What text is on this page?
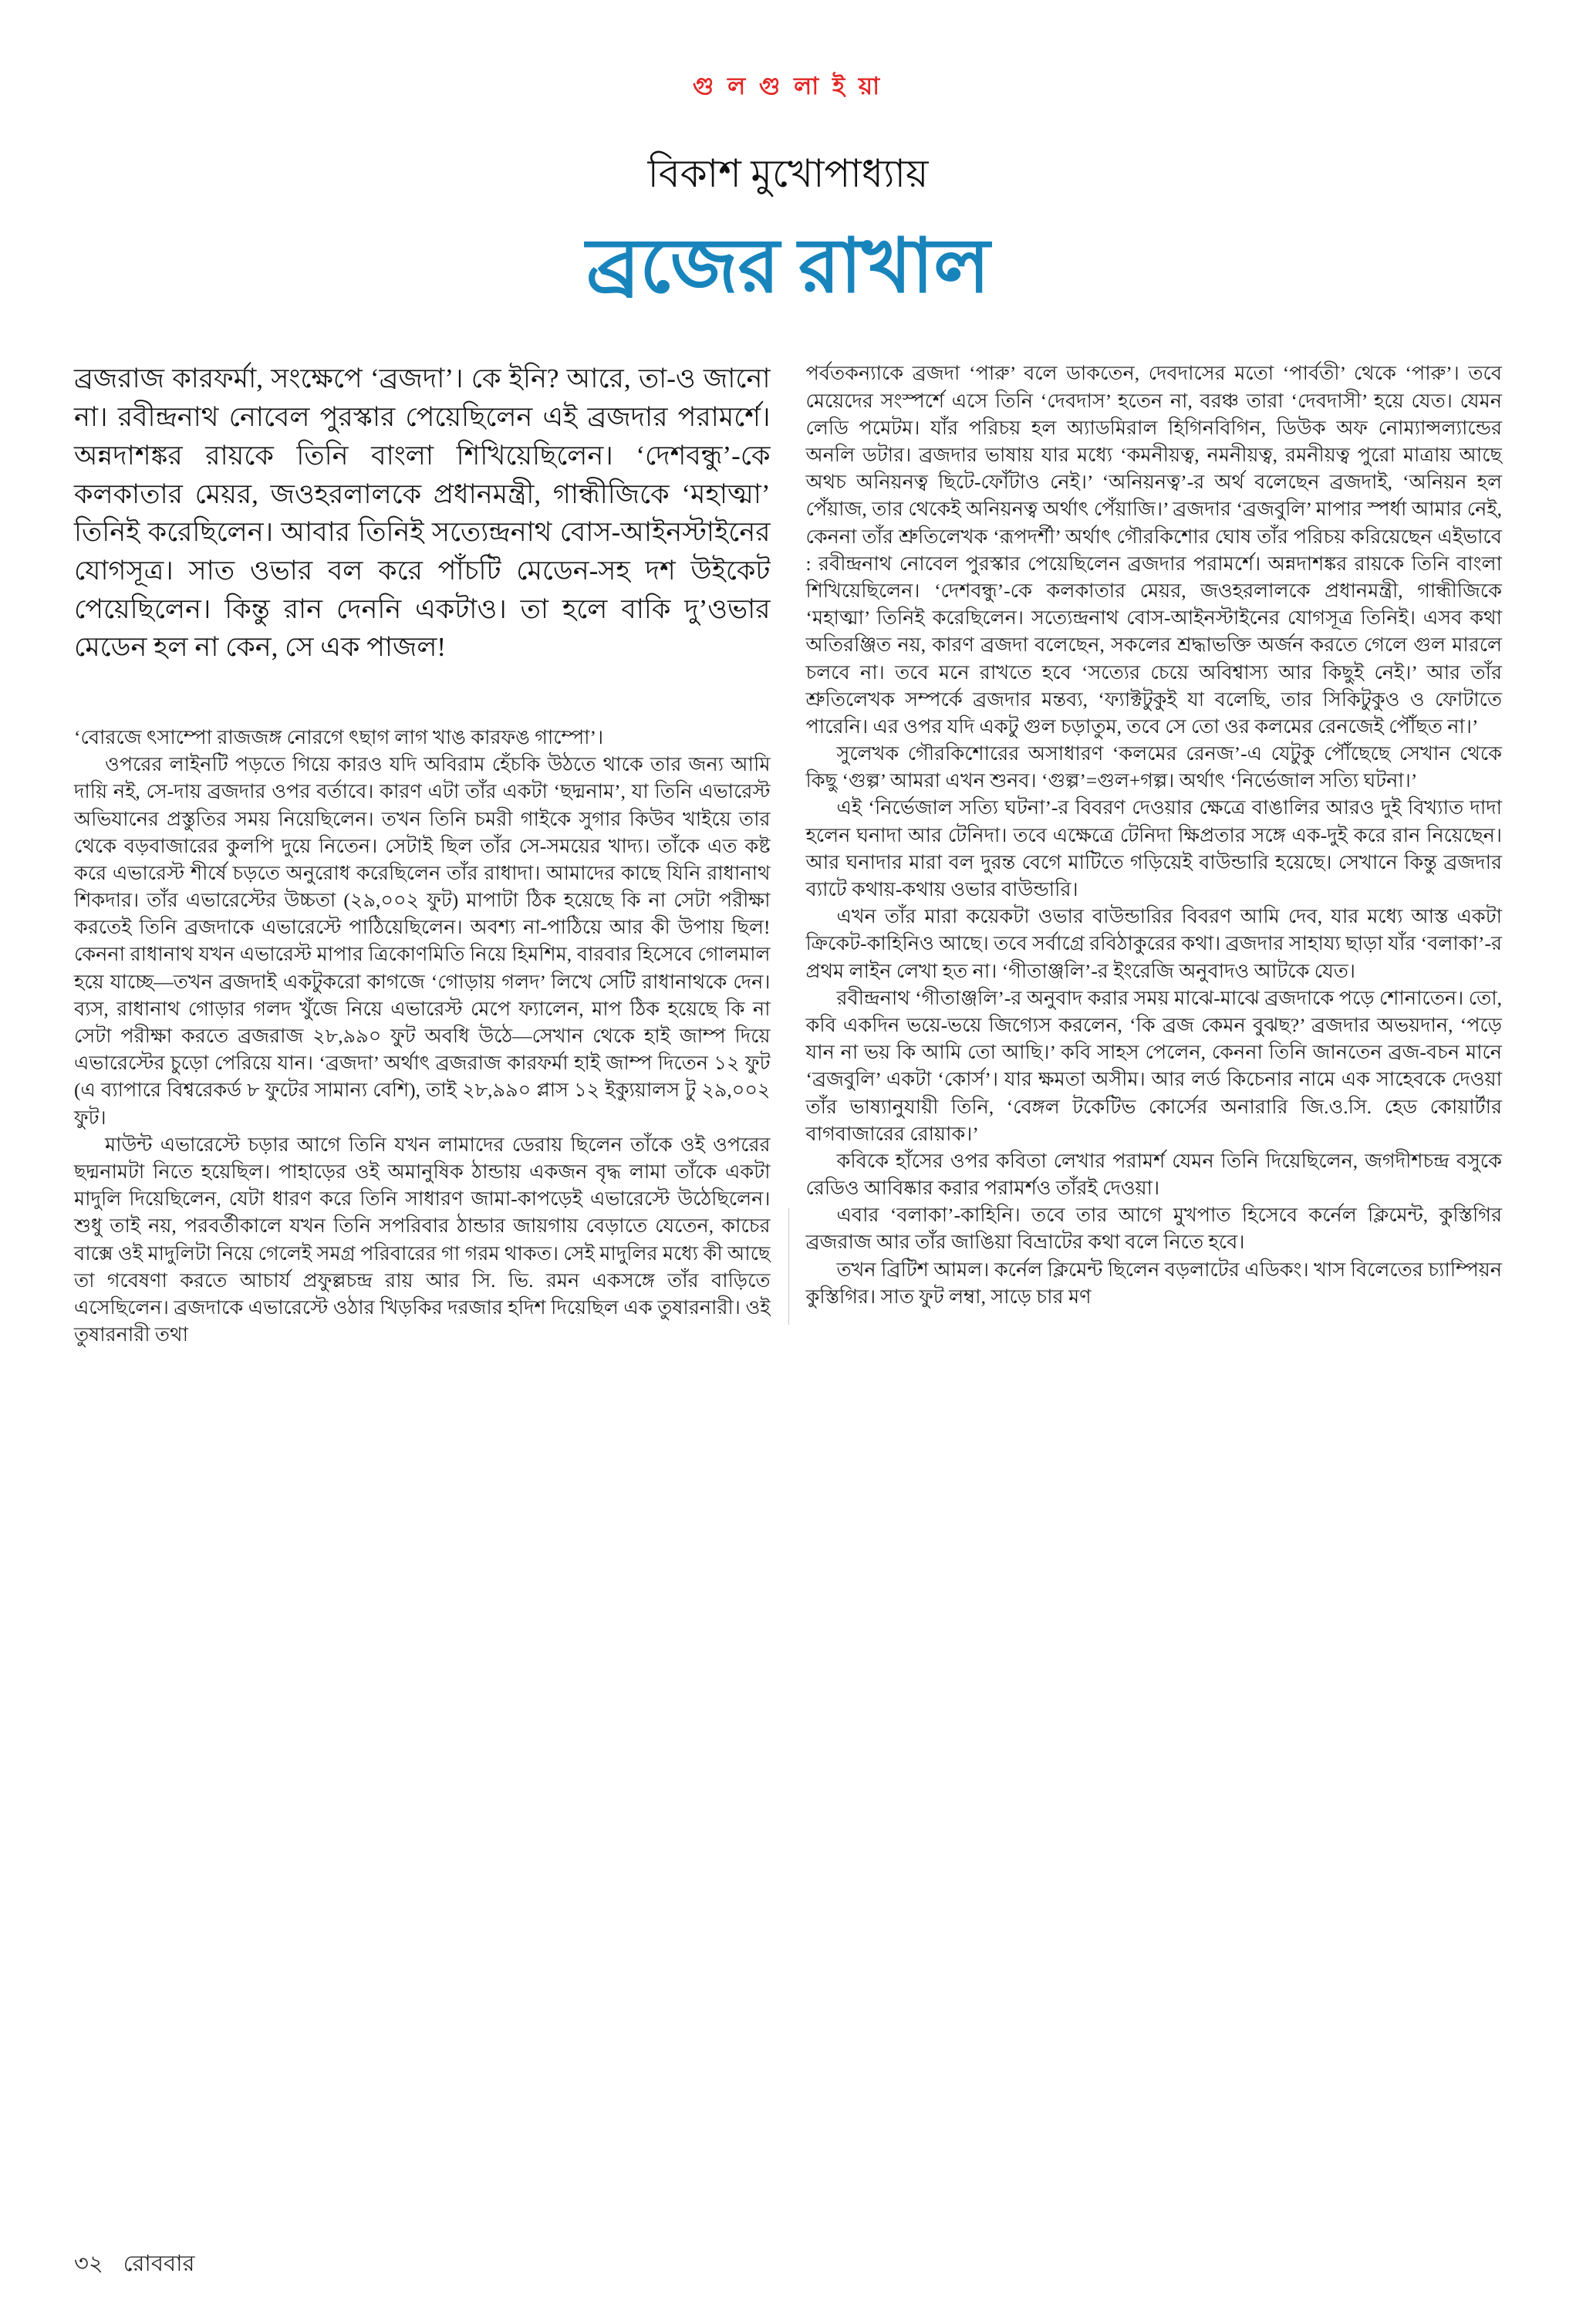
গু ল গু লা ই য়া
বিকাশ মুখোপাধ্যায়
ব্রজের রাখাল
ব্রজরাজ কারফর্মা, সংক্ষেপে ‘ব্রজদা’। কে ইনি? আরে, তা-ও জানো না। রবীন্দ্রনাথ নোবেল পুরস্কার পেয়েছিলেন এই ব্রজদার পরামর্শে। অন্নদাশঙ্কর রায়কে তিনি বাংলা শিখিয়েছিলেন। ‘দেশবন্ধু’-কে কলকাতার মেয়র, জওহরলালকে প্রধানমন্ত্রী, গান্ধীজিকে ‘মহাত্মা’ তিনিই করেছিলেন। আবার তিনিই সত্যেন্দ্রনাথ বোস-আইনস্টাইনের যোগসূত্র। সাত ওভার বল করে পাঁচটি মেডেন-সহ দশ উইকেট পেয়েছিলেন। কিন্তু রান দেননি একটাও। তা হলে বাকি দু’ওভার মেডেন হল না কেন, সে এক পাজল!

‘বোরজে ৎসাম্পো রাজজঙ্গ নোরগে ৎছাগ লাগ খাঙ কারফঙ গাম্পো’।

ওপরের লাইনটি পড়তে গিয়ে কারও যদি অবিরাম হেঁচকি উঠতে থাকে তার জন্য আমি দায়ি নই, সে-দায় ব্রজদার ওপর বর্তাবে। কারণ এটা তাঁর একটা ‘ছদ্মনাম’, যা তিনি এভারেস্ট অভিযানের প্রস্তুতির সময় নিয়েছিলেন। তখন তিনি চমরী গাইকে সুগার কিউব খাইয়ে তার থেকে বড়বাজারের কুলপি দুয়ে নিতেন। সেটাই ছিল তাঁর সে-সময়ের খাদ্য। তাঁকে এত কষ্ট করে এভারেস্ট শীর্ষে চড়তে অনুরোধ করেছিলেন তাঁর রাধাদা। আমাদের কাছে যিনি রাধানাথ শিকদার। তাঁর এভারেস্টের উচ্চতা (২৯,০০২ ফুট) মাপাটা ঠিক হয়েছে কি না সেটা পরীক্ষা করতেই তিনি ব্রজদাকে এভারেস্টে পাঠিয়েছিলেন। অবশ্য না-পাঠিয়ে আর কী উপায় ছিল! কেননা রাধানাথ যখন এভারেস্ট মাপার ত্রিকোণমিতি নিয়ে হিমশিম, বারবার হিসেবে গোলমাল হয়ে যাচ্ছে—তখন ব্রজদাই একটুকরো কাগজে ‘গোড়ায় গলদ’ লিখে সেটি রাধানাথকে দেন। ব্যস, রাধানাথ গোড়ার গলদ খুঁজে নিয়ে এভারেস্ট মেপে ফ্যালেন, মাপ ঠিক হয়েছে কি না সেটা পরীক্ষা করতে ব্রজরাজ ২৮,৯৯০ ফুট অবধি উঠে—সেখান থেকে হাই জাম্প দিয়ে এভারেস্টের চুড়ো পেরিয়ে যান। ‘ব্রজদা’ অর্থাৎ ব্রজরাজ কারফর্মা হাই জাম্প দিতেন ১২ ফুট (এ ব্যাপারে বিশ্বরেকর্ড ৮ ফুটের সামান্য বেশি), তাই ২৮,৯৯০ প্লাস ১২ ইক্যুয়ালস টু ২৯,০০২ ফুট।

মাউন্ট এভারেস্টে চড়ার আগে তিনি যখন লামাদের ডেরায় ছিলেন তাঁকে ওই ওপরের ছদ্মনামটা নিতে হয়েছিল। পাহাড়ের ওই অমানুষিক ঠান্ডায় একজন বৃদ্ধ লামা তাঁকে একটা মাদুলি দিয়েছিলেন, যেটা ধারণ করে তিনি সাধারণ জামা-কাপড়েই এভারেস্টে উঠেছিলেন। শুধু তাই নয়, পরবর্তীকালে যখন তিনি সপরিবার ঠান্ডার জায়গায় বেড়াতে যেতেন, কাচের বাক্সে ওই মাদুলিটা নিয়ে গেলেই সমগ্র পরিবারের গা গরম থাকত। সেই মাদুলির মধ্যে কী আছে তা গবেষণা করতে আচার্য প্রফুল্লচন্দ্র রায় আর সি. ভি. রমন একসঙ্গে তাঁর বাড়িতে এসেছিলেন। ব্রজদাকে এভারেস্টে ওঠার খিড়কির দরজার হদিশ দিয়েছিল এক তুষারনারী। ওই তুষারনারী তথা

পর্বতকন্যাকে ব্রজদা ‘পারু’ বলে ডাকতেন, দেবদাসের মতো ‘পার্বতী’ থেকে ‘পারু’। তবে মেয়েদের সংস্পর্শে এসে তিনি ‘দেবদাস’ হতেন না, বরঞ্চ তারা ‘দেবদাসী’ হয়ে যেত। যেমন লেডি পমেটম। যাঁর পরিচয় হল অ্যাডমিরাল হিগিনবিগিন, ডিউক অফ নোম্যান্সল্যান্ডের অনলি ডটার। ব্রজদার ভাষায় যার মধ্যে ‘কমনীয়ত্ব, নমনীয়ত্ব, রমনীয়ত্ব পুরো মাত্রায় আছে অথচ অনিয়নত্ব ছিটে-ফোঁটাও নেই।’ ‘অনিয়নত্ব’-র অর্থ বলেছেন ব্রজদাই, ‘অনিয়ন হল পেঁয়াজ, তার থেকেই অনিয়নত্ব অর্থাৎ পেঁয়াজি।’ ব্রজদার ‘ব্রজবুলি’ মাপার স্পর্ধা আমার নেই, কেননা তাঁর শ্রুতিলেখক ‘রূপদর্শী’ অর্থাৎ গৌরকিশোর ঘোষ তাঁর পরিচয় করিয়েছেন এইভাবে : রবীন্দ্রনাথ নোবেল পুরস্কার পেয়েছিলেন ব্রজদার পরামর্শে। অন্নদাশঙ্কর রায়কে তিনি বাংলা শিখিয়েছিলেন। ‘দেশবন্ধু’-কে কলকাতার মেয়র, জওহরলালকে প্রধানমন্ত্রী, গান্ধীজিকে ‘মহাত্মা’ তিনিই করেছিলেন। সত্যেন্দ্রনাথ বোস-আইনস্টাইনের যোগসূত্র তিনিই। এসব কথা অতিরঞ্জিত নয়, কারণ ব্রজদা বলেছেন, সকলের শ্রদ্ধাভক্তি অর্জন করতে গেলে গুল মারলে চলবে না। তবে মনে রাখতে হবে ‘সত্যের চেয়ে অবিশ্বাস্য আর কিছুই নেই।’ আর তাঁর শ্রুতিলেখক সম্পর্কে ব্রজদার মন্তব্য, ‘ফ্যাক্টটুকুই যা বলেছি, তার সিকিটুকুও ও ফোটাতে পারেনি। এর ওপর যদি একটু গুল চড়াতুম, তবে সে তো ওর কলমের রেনজেই পৌঁছত না।’

সুলেখক গৌরকিশোরের অসাধারণ ‘কলমের রেনজ’-এ যেটুকু পৌঁছেছে সেখান থেকে কিছু ‘গুল্প’ আমরা এখন শুনব। ‘গুল্প’=গুল+গল্প। অর্থাৎ ‘নির্ভেজাল সত্যি ঘটনা।’

এই ‘নির্ভেজাল সত্যি ঘটনা’-র বিবরণ দেওয়ার ক্ষেত্রে বাঙালির আরও দুই বিখ্যাত দাদা হলেন ঘনাদা আর টেনিদা। তবে এক্ষেত্রে টেনিদা ক্ষিপ্রতার সঙ্গে এক-দুই করে রান নিয়েছেন। আর ঘনাদার মারা বল দুরন্ত বেগে মাটিতে গড়িয়েই বাউন্ডারি হয়েছে। সেখানে কিন্তু ব্রজদার ব্যাটে কথায়-কথায় ওভার বাউন্ডারি।

এখন তাঁর মারা কয়েকটা ওভার বাউন্ডারির বিবরণ আমি দেব, যার মধ্যে আস্ত একটা ক্রিকেট-কাহিনিও আছে। তবে সর্বাগ্রে রবিঠাকুরের কথা। ব্রজদার সাহায্য ছাড়া যাঁর ‘বলাকা’-র প্রথম লাইন লেখা হত না। ‘গীতাঞ্জলি’-র ইংরেজি অনুবাদও আটকে যেত।

রবীন্দ্রনাথ ‘গীতাঞ্জলি’-র অনুবাদ করার সময় মাঝে-মাঝে ব্রজদাকে পড়ে শোনাতেন। তো, কবি একদিন ভয়ে-ভয়ে জিগ্যেস করলেন, ‘কি ব্রজ কেমন বুঝছ?’ ব্রজদার অভয়দান, ‘পড়ে যান না ভয় কি আমি তো আছি।’ কবি সাহস পেলেন, কেননা তিনি জানতেন ব্রজ-বচন মানে ‘ব্রজবুলি’ একটা ‘কোর্স’। যার ক্ষমতা অসীম। আর লর্ড কিচেনার নামে এক সাহেবকে দেওয়া তাঁর ভাষ্যানুযায়ী তিনি, ‘বেঙ্গল টকেটিভ কোর্সের অনারারি জি.ও.সি. হেড কোয়ার্টার বাগবাজারের রোয়াক।’

কবিকে হাঁসের ওপর কবিতা লেখার পরামর্শ যেমন তিনি দিয়েছিলেন, জগদীশচন্দ্র বসুকে রেডিও আবিষ্কার করার পরামর্শও তাঁরই দেওয়া।

এবার ‘বলাকা’-কাহিনি। তবে তার আগে মুখপাত হিসেবে কর্নেল ক্লিমেন্ট, কুস্তিগির ব্রজরাজ আর তাঁর জাঙিয়া বিভ্রাটের কথা বলে নিতে হবে।

তখন ব্রিটিশ আমল। কর্নেল ক্লিমেন্ট ছিলেন বড়লাটের এডিকং। খাস বিলেতের চ্যাম্পিয়ন কুস্তিগির। সাত ফুট লম্বা, সাড়ে চার মণ

৩২ রোববার
